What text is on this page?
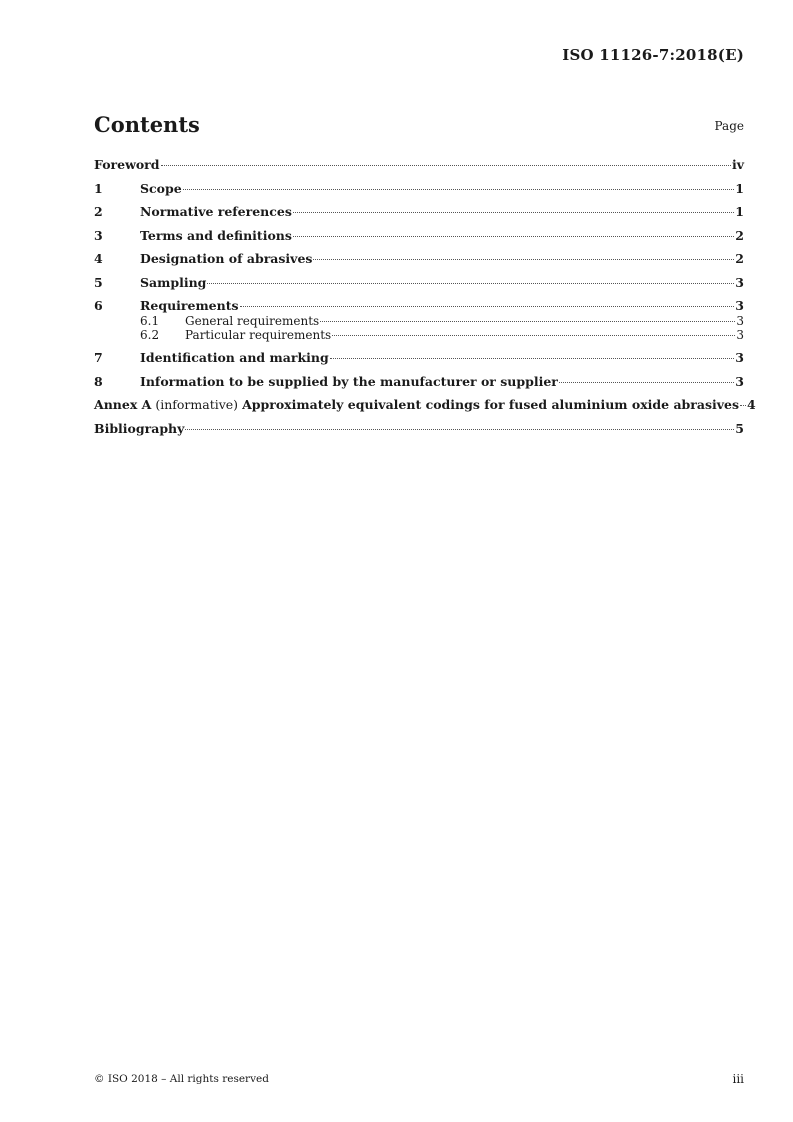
ISO 11126-7:2018(E)
Contents	Page
Foreword	iv
1	Scope	1
2	Normative references	1
3	Terms and definitions	2
4	Designation of abrasives	2
5	Sampling	3
6	Requirements	3
6.1	General requirements	3
6.2	Particular requirements	3
7	Identification and marking	3
8	Information to be supplied by the manufacturer or supplier	3
Annex A (informative) Approximately equivalent codings for fused aluminium oxide abrasives 4
Bibliography	5
© ISO 2018 – All rights reserved	iii
